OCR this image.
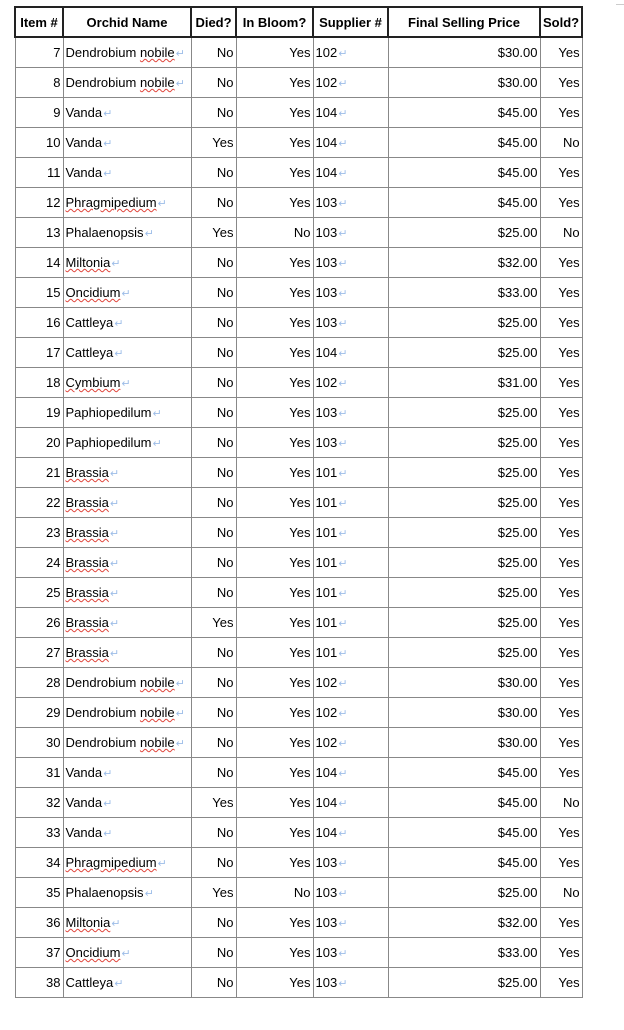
Item #	Orchid Name	Died?	In Bloom?	Supplier #	Final Selling Price	Sold?
7	Dendrobium nobile↵	No	Yes	102↵	$30.00	Yes
8	Dendrobium nobile↵	No	Yes	102↵	$30.00	Yes
9	Vanda↵	No	Yes	104↵	$45.00	Yes
10	Vanda↵	Yes	Yes	104↵	$45.00	No
11	Vanda↵	No	Yes	104↵	$45.00	Yes
12	Phragmipedium↵	No	Yes	103↵	$45.00	Yes
13	Phalaenopsis↵	Yes	No	103↵	$25.00	No
14	Miltonia↵	No	Yes	103↵	$32.00	Yes
15	Oncidium↵	No	Yes	103↵	$33.00	Yes
16	Cattleya↵	No	Yes	103↵	$25.00	Yes
17	Cattleya↵	No	Yes	104↵	$25.00	Yes
18	Cymbium↵	No	Yes	102↵	$31.00	Yes
19	Paphiopedilum↵	No	Yes	103↵	$25.00	Yes
20	Paphiopedilum↵	No	Yes	103↵	$25.00	Yes
21	Brassia↵	No	Yes	101↵	$25.00	Yes
22	Brassia↵	No	Yes	101↵	$25.00	Yes
23	Brassia↵	No	Yes	101↵	$25.00	Yes
24	Brassia↵	No	Yes	101↵	$25.00	Yes
25	Brassia↵	No	Yes	101↵	$25.00	Yes
26	Brassia↵	Yes	Yes	101↵	$25.00	Yes
27	Brassia↵	No	Yes	101↵	$25.00	Yes
28	Dendrobium nobile↵	No	Yes	102↵	$30.00	Yes
29	Dendrobium nobile↵	No	Yes	102↵	$30.00	Yes
30	Dendrobium nobile↵	No	Yes	102↵	$30.00	Yes
31	Vanda↵	No	Yes	104↵	$45.00	Yes
32	Vanda↵	Yes	Yes	104↵	$45.00	No
33	Vanda↵	No	Yes	104↵	$45.00	Yes
34	Phragmipedium↵	No	Yes	103↵	$45.00	Yes
35	Phalaenopsis↵	Yes	No	103↵	$25.00	No
36	Miltonia↵	No	Yes	103↵	$32.00	Yes
37	Oncidium↵	No	Yes	103↵	$33.00	Yes
38	Cattleya↵	No	Yes	103↵	$25.00	Yes
